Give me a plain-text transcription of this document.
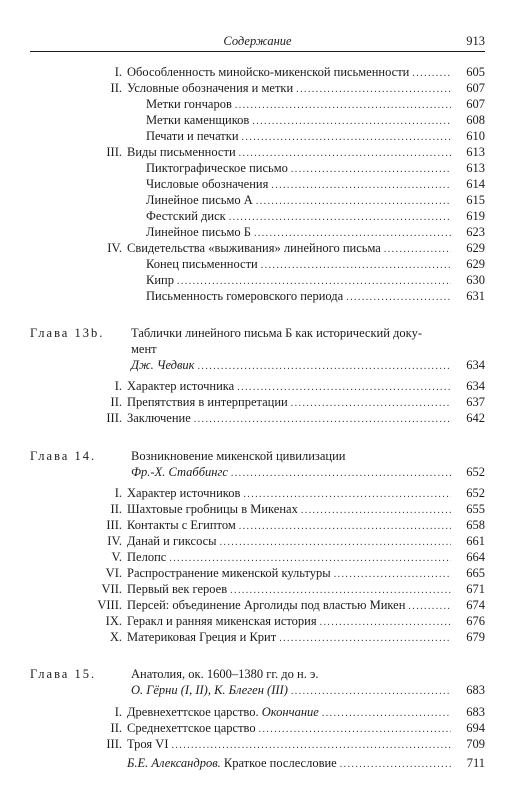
Содержание	913
I. Обособленность минойско-микенской письменности .....	605
II. Условные обозначения и метки .....	607
Метки гончаров .....	607
Метки каменщиков .....	608
Печати и печатки .....	610
III. Виды письменности .....	613
Пиктографическое письмо .....	613
Числовые обозначения .....	614
Линейное письмо А .....	615
Фестский диск .....	619
Линейное письмо Б .....	623
IV. Свидетельства «выживания» линейного письма .....	629
Конец письменности .....	629
Кипр .....	630
Письменность гомеровского периода .....	631
Глава 13b. Таблички линейного письма Б как исторический доку-
мент
Дж. Чедвик .....	634
I. Характер источника .....	634
II. Препятствия в интерпретации .....	637
III. Заключение .....	642
Глава 14.	Возникновение микенской цивилизации
Фр.-Х. Стаббингс .....	652
I. Характер источников .....	652
II. Шахтовые гробницы в Микенах .....	655
III. Контакты с Египтом .....	658
IV. Данай и гиксосы .....	661
V. Пелопс .....	664
VI. Распространение микенской культуры .....	665
VII. Первый век героев .....	671
VIII. Персей: объединение Арголиды под властью Микен .....	674
IX. Геракл и ранняя микенская история .....	676
X. Материковая Греция и Крит .....	679
Глава 15.	Анатолия, ок. 1600–1380 гг. до н. э.
О. Гёрни (I, II), К. Блеген (III) .....	683
I. Древнехеттское царство. Окончание .....	683
II. Среднехеттское царство .....	694
III. Троя VI .....	709
Б.Е. Александров. Краткое послесловие .....	711
